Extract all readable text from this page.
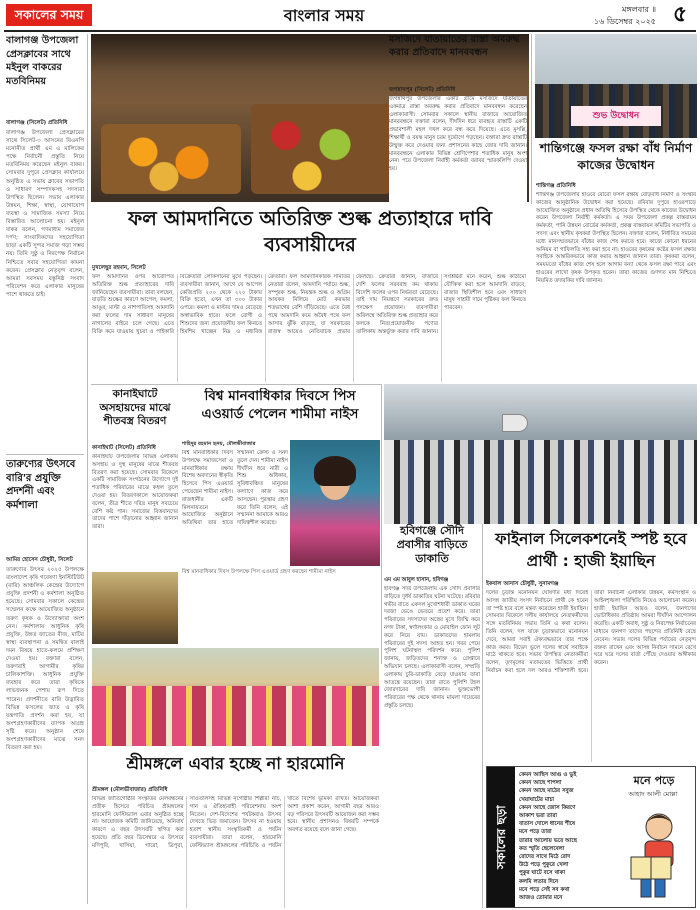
সকালের সময়	বাংলার সময়	মঙ্গলবার ॥
১৬ ডিসেম্বর ২০২৫ ৫
বালাগঞ্জ উপজেলা প্রেসক্লাবের সাথে মইনুল বাকরের মতবিনিময়
বালাগঞ্জ (সিলেট) প্রতিনিধি
বালাগঞ্জ উপজেলা প্রেসক্লাবের সাথে সিলেট-৩ আসনের বিএনপি মনোনীত প্রার্থী এম এ মালিকের পক্ষে নির্বাচনী প্রস্তুতি নিয়ে মতবিনিময় করেছেন মইনুল বাকর। সোমবার দুপুরে প্রেসক্লাব কার্যালয়ে অনুষ্ঠিত এ সভায় ক্লাবের সভাপতি ও সাধারণ সম্পাদকসহ সদস্যরা উপস্থিত ছিলেন। সভায় এলাকার উন্নয়ন, শিক্ষা, স্বাস্থ্য, যোগাযোগ ব্যবস্থা ও সামাজিক সমস্যা নিয়ে বিস্তারিত আলোচনা হয়। মইনুল বাকর বলেন, গণমাধ্যম সমাজের দর্পণ; সাংবাদিকদের সহযোগিতা ছাড়া একটি সুন্দর সমাজ গড়া সম্ভব নয়। তিনি সুষ্ঠু ও নিরপেক্ষ নির্বাচন নিশ্চিতে সবার সহযোগিতা কামনা করেন। প্রেসক্লাব নেতৃবৃন্দ বলেন, আমরা সবসময় বস্তুনিষ্ঠ সংবাদ পরিবেশন করে এলাকার মানুষের পাশে থাকতে চাই।
তারুণ্যের উৎসবে বারি'র প্রযুক্তি প্রদর্শনী এবং কর্মশালা
আমির হোসেন চৌধুরী, সিলেট
তারুণ্যের উৎসব ২০২৫ উপলক্ষে বাংলাদেশ কৃষি গবেষণা ইনস্টিটিউট (বারি) আঞ্চলিক কেন্দ্রের উদ্যোগে প্রযুক্তি প্রদর্শনী ও কর্মশালা অনুষ্ঠিত হয়েছে। সোমবার সকালে কেন্দ্রের সম্মেলন কক্ষে আয়োজিত অনুষ্ঠানে তরুণ কৃষক ও উদ্যোক্তারা অংশ নেন। কর্মশালায় আধুনিক কৃষি প্রযুক্তি, উন্নত জাতের বীজ, মাটির স্বাস্থ্য ব্যবস্থাপনা ও সমন্বিত বালাই দমন বিষয়ে হাতে-কলমে প্রশিক্ষণ দেওয়া হয়। বক্তারা বলেন, তরুণরাই আগামীর কৃষির চালিকাশক্তি। আধুনিক প্রযুক্তি ব্যবহার করে তারা কৃষিকে লাভজনক পেশায় রূপ দিতে পারেন। প্রদর্শনীতে বারি উদ্ভাবিত বিভিন্ন ফসলের জাত ও কৃষি যন্ত্রপাতি প্রদর্শন করা হয়, যা অংশগ্রহণকারীদের ব্যাপক আগ্রহ সৃষ্টি করে। অনুষ্ঠান শেষে অংশগ্রহণকারীদের মাঝে সনদ বিতরণ করা হয়।
ফল আমদানিতে অতিরিক্ত শুল্ক প্রত্যাহারে দাবি ব্যবসায়ীদের
মুখলেছুর রহমান, সিলেট
ফল আমদানির ওপর আরোপিত অতিরিক্ত শুল্ক প্রত্যাহারের দাবি জানিয়েছেন ব্যবসায়ীরা। তারা বলছেন, বাড়তি শুল্কের কারণে আপেল, কমলা, আঙুর, মাল্টা ও নাশপাতিসহ আমদানি করা ফলের দাম সাধারণ মানুষের নাগালের বাইরে চলে গেছে। এতে বিক্রি কমে যাওয়ায় খুচরা ও পাইকারি বিক্রেতারা লোকসানের মুখে পড়ছেন। ব্যবসায়ীরা জানান, আগে যে আপেল কেজিপ্রতি ২০০ থেকে ২২০ টাকায় বিক্রি হতো, এখন তা ৩০০ টাকার ওপরে। কমলা ও মাল্টার দামও বেড়েছে অস্বাভাবিক হারে। ফলে রোগী ও শিশুদের জন্য প্রয়োজনীয় ফল কিনতে হিমশিম খাচ্ছেন নিম্ন ও মধ্যবিত্ত ক্রেতারা। ফল আমদানিকারক সমিতির নেতারা বলেন, আমদানি পর্যায়ে শুল্ক, সম্পূরক শুল্ক, নিয়ন্ত্রক শুল্ক ও অগ্রিম আয়কর মিলিয়ে মোট করভার শতভাগের বেশি দাঁড়িয়েছে। এতে বৈধ পথে আমদানি কমে অবৈধ পথে ফল আসার ঝুঁকি বাড়ছে, যা সরকারের রাজস্ব আয়েও নেতিবাচক প্রভাব ফেলছে। ক্রেতারা জানান, বাজারে দেশি ফলের সরবরাহ কম থাকায় বিদেশি ফলের ওপর নির্ভরতা বেড়েছে। তাই দাম নিয়ন্ত্রণে সরকারের দ্রুত পদক্ষেপ প্রয়োজন। ব্যবসায়ীরা অবিলম্বে অতিরিক্ত শুল্ক প্রত্যাহার করে ফলকে নিত্যপ্রয়োজনীয় পণ্যের তালিকায় অন্তর্ভুক্ত করার দাবি জানান। সংশ্লিষ্টরা মনে করেন, শুল্ক কাঠামো যৌক্তিক করা হলে আমদানি বাড়বে, বাজার স্থিতিশীল হবে এবং সাধারণ মানুষ সাশ্রয়ী দামে পুষ্টিকর ফল কিনতে পারবেন।
মসজিদে যাতায়াতের রাস্তা অবরুদ্ধ করার প্রতিবাদে মানববন্ধন
জগন্নাথপুর (সিলেট) প্রতিনিধি
জগন্নাথপুর উপজেলার একটি গ্রামে মসজিদে যাতায়াতের একমাত্র রাস্তা অবরুদ্ধ করার প্রতিবাদে মানববন্ধন করেছেন এলাকাবাসী। সোমবার সকালে স্থানীয় বাজারে আয়োজিত মানববন্ধনে বক্তারা বলেন, দীর্ঘদিন ধরে ব্যবহৃত রাস্তাটি একটি প্রভাবশালী মহল দখল করে বন্ধ করে দিয়েছে। এতে মুসল্লি, শিক্ষার্থী ও বয়স্ক মানুষ চরম দুর্ভোগে পড়ছেন। বক্তারা দ্রুত রাস্তাটি উন্মুক্ত করে দেওয়ার জন্য প্রশাসনের কাছে জোর দাবি জানান। মানববন্ধনে এলাকার বিভিন্ন শ্রেণিপেশার শতাধিক মানুষ অংশ নেন। পরে উপজেলা নির্বাহী কর্মকর্তা বরাবর স্মারকলিপি দেওয়া হয়।
শুভ উদ্বোধন
শান্তিগঞ্জে ফসল রক্ষা বাঁধ নির্মাণ কাজের উদ্বোধন
শান্তিগঞ্জ প্রতিনিধি
শান্তিগঞ্জ উপজেলার হাওরে বোরো ফসল রক্ষায় বেড়িবাঁধ নির্মাণ ও সংস্কার কাজের আনুষ্ঠানিক উদ্বোধন করা হয়েছে। রবিবার দুপুরে হাওরপাড়ে আয়োজিত অনুষ্ঠানে প্রধান অতিথি হিসেবে উপস্থিত থেকে কাজের উদ্বোধন করেন উপজেলা নির্বাহী কর্মকর্তা। এ সময় উপজেলা প্রকল্প বাস্তবায়ন কর্মকর্তা, পানি উন্নয়ন বোর্ডের কর্মকর্তা, প্রকল্প বাস্তবায়ন কমিটির সভাপতি ও সদস্য এবং স্থানীয় কৃষকরা উপস্থিত ছিলেন। বক্তারা বলেন, নির্ধারিত সময়ের মধ্যে মানসম্মতভাবে বাঁধের কাজ শেষ করতে হবে। কাজে কোনো ধরনের অনিয়ম বা গাফিলতি সহ্য করা হবে না। হাওরের কৃষকের কষ্টের ফসল রক্ষায় সবাইকে আন্তরিকভাবে কাজ করার আহ্বান জানান তারা। কৃষকরা বলেন, সময়মতো বাঁধের কাজ শেষ হলে আগাম বন্যা থেকে ফসল রক্ষা পাবে এবং হাওরের লাখো কৃষক উপকৃত হবেন। তারা কাজের গুণগত মান নিশ্চিতে নিয়মিত তদারকির দাবি জানান।
কানাইঘাটে অসহায়দের মাঝে শীতবস্ত্র বিতরণ
কানাইঘাট (সিলেট) প্রতিনিধি
কানাইঘাট উপজেলার বিভিন্ন এলাকায় অসহায় ও দুস্থ মানুষের মাঝে শীতবস্ত্র বিতরণ করা হয়েছে। সোমবার বিকেলে একটি সামাজিক সংগঠনের উদ্যোগে দুই শতাধিক পরিবারের মাঝে কম্বল তুলে দেওয়া হয়। বিতরণকালে আয়োজকরা বলেন, তীব্র শীতে দরিদ্র মানুষ সবচেয়ে বেশি কষ্ট পান। সমাজের বিত্তবানদের তাদের পাশে দাঁড়ানোর আহ্বান জানান তারা।
বিশ্ব মানবাধিকার দিবসে পিস এওয়ার্ড পেলেন শামীমা নাইস
শাহিদুর রহমান হৃদয়, মৌলভীবাজার
বিশ্ব মানবাধিকার দিবস উপলক্ষে সমাজসেবা ও মানবাধিকার রক্ষায় বিশেষ অবদানের স্বীকৃতি হিসেবে পিস এওয়ার্ড পেয়েছেন শামীমা নাইস। রাজধানীর একটি মিলনায়তনে আয়োজিত অনুষ্ঠানে অতিথিরা তার হাতে সম্মাননা ক্রেস্ট ও সনদ তুলে দেন। শামীমা নাইস দীর্ঘদিন ধরে নারী ও শিশু অধিকার, সুবিধাবঞ্চিত মানুষের কল্যাণে কাজ করে আসছেন। পুরস্কার গ্রহণ করে তিনি বলেন, এই সম্মাননা আমাকে আরও দায়িত্বশীল করেছে।
বিশ্ব মানবাধিকার দিবস উপলক্ষে পিস এওয়ার্ড গ্রহণ করছেন শামীমা নাইস
হবিগঞ্জে সৌদি প্রবাসীর বাড়িতে ডাকাতি
এম এম আবুল হাসান, হবিগঞ্জ
হবিগঞ্জ সদর উপজেলায় এক সৌদি প্রবাসীর বাড়িতে দুর্ধর্ষ ডাকাতির ঘটনা ঘটেছে। রবিবার গভীর রাতে একদল মুখোশধারী ডাকাত ঘরের দরজা ভেঙে ভেতরে প্রবেশ করে। তারা পরিবারের সদস্যদের অস্ত্রের মুখে জিম্মি করে নগদ টাকা, স্বর্ণালংকার ও মোবাইল ফোন লুট করে নিয়ে যায়। ডাকাতদের হামলায় পরিবারের দুই সদস্য আহত হন। খবর পেয়ে পুলিশ ঘটনাস্থল পরিদর্শন করে। পুলিশ জানায়, জড়িতদের শনাক্ত ও গ্রেপ্তারে অভিযান চলছে। এলাকাবাসী বলেন, সম্প্রতি এলাকায় চুরি-ডাকাতি বেড়ে যাওয়ায় তারা আতঙ্কে রয়েছেন। তারা রাতে পুলিশি টহল জোরদারের দাবি জানান। ভুক্তভোগী পরিবারের পক্ষ থেকে থানায় মামলা দায়েরের প্রস্তুতি চলছে।
ফাইনাল সিলেকশনেই স্পষ্ট হবে প্রার্থী : হাজী ইয়াছিন
ইকবাল আনাস চৌধুরী, সুনামগঞ্জ
দলের চূড়ান্ত মনোনয়ন ঘোষণার মধ্য দিয়েই আসন্ন জাতীয় সংসদ নির্বাচনে প্রার্থী কে হবেন তা স্পষ্ট হবে বলে মন্তব্য করেছেন হাজী ইয়াছিন। সোমবার বিকেলে দলীয় কার্যালয়ে নেতাকর্মীদের সঙ্গে মতবিনিময় সভায় তিনি এ কথা বলেন। তিনি বলেন, দল যাকে চূড়ান্তভাবে মনোনয়ন দেবে, আমরা সবাই ঐক্যবদ্ধভাবে তার পক্ষে কাজ করব। বিভেদ ভুলে দলের স্বার্থে সবাইকে মাঠে থাকতে হবে। সভায় উপস্থিত নেতাকর্মীরা বলেন, তৃণমূলের মতামতের ভিত্তিতে প্রার্থী নির্বাচন করা হলে দল আরও শক্তিশালী হবে। তারা নির্বাচনী এলাকার উন্নয়ন, কর্মসংস্থান ও আইনশৃঙ্খলা পরিস্থিতি নিয়েও আলোচনা করেন। হাজী ইয়াছিন আরও বলেন, জনগণের ভোটাধিকার প্রতিষ্ঠায় আমরা দীর্ঘদিন আন্দোলন করেছি। একটি অবাধ, সুষ্ঠু ও নিরপেক্ষ নির্বাচনের মাধ্যমে জনগণ তাদের পছন্দের প্রতিনিধি বেছে নেবেন। সভায় দলের বিভিন্ন পর্যায়ের নেতৃবৃন্দ বক্তব্য রাখেন এবং আসন্ন নির্বাচন সামনে রেখে ঘরে ঘরে দলের বার্তা পৌঁছে দেওয়ার অঙ্গীকার করেন।
শ্রীমঙ্গলে এবার হচ্ছে না হারমোনি
শ্রীমঙ্গল (মৌলভীবাজার) প্রতিনিধি
বিভিন্ন জাতিগোষ্ঠীর সংস্কৃতির মেলবন্ধনের প্রতীক হিসেবে পরিচিত শ্রীমঙ্গলের হারমোনি ফেস্টিভ্যাল এবার অনুষ্ঠিত হচ্ছে না। আয়োজক কমিটি জানিয়েছে, অনিবার্য কারণে এ বছর উৎসবটি স্থগিত করা হয়েছে। প্রতি বছর ডিসেম্বরে এ উৎসবে মণিপুরি, খাসিয়া, গারো, ত্রিপুরা, সাঁওতালসহ বিভিন্ন নৃগোষ্ঠীর শিল্পীরা নাচ, গান ও ঐতিহ্যবাহী পরিবেশনায় অংশ নিতেন। দেশ-বিদেশের পর্যটকরাও উৎসব দেখতে ভিড় জমাতেন। উৎসব না হওয়ায় হতাশ স্থানীয় সংস্কৃতিকর্মী ও পর্যটন ব্যবসায়ীরা। তারা বলেন, হারমোনি ফেস্টিভ্যাল শ্রীমঙ্গলের পরিচিতি ও পর্যটন খাতে বিশেষ ভূমিকা রাখত। আয়োজকরা আশা প্রকাশ করেন, আগামী বছর আরও বড় পরিসরে উৎসবটি আয়োজন করা সম্ভব হবে। স্থানীয় প্রশাসনও বিষয়টি সম্পর্কে অবগত রয়েছে বলে জানা গেছে।	সকালের ছড়া
কেমন আছিস আগু ও ভুই
কেমন আছে শাপলা
কেমন আছে মাঠের সবুজ
খেয়াঘাটের মাচা
কেমন আছে জোস কিরণে
আকাশ ভরা তারা
বাতাস দোলে ধানের শীষে
মনে পড়ে তারা
তারার আলোয় ভরে আছে
কত স্মৃতি ছেলেবেলা
রোদের সাথে মিঠে রোদ
উঠে পড়ে পুকুরে খেলা
পুকুর ঘাটে বসে থাকা
কলমি লতার দিনে
মনে পড়ে সেই সব কথা
আজও তোমার মনে
মনে পড়ে
আহাদ আলী মোল্লা
